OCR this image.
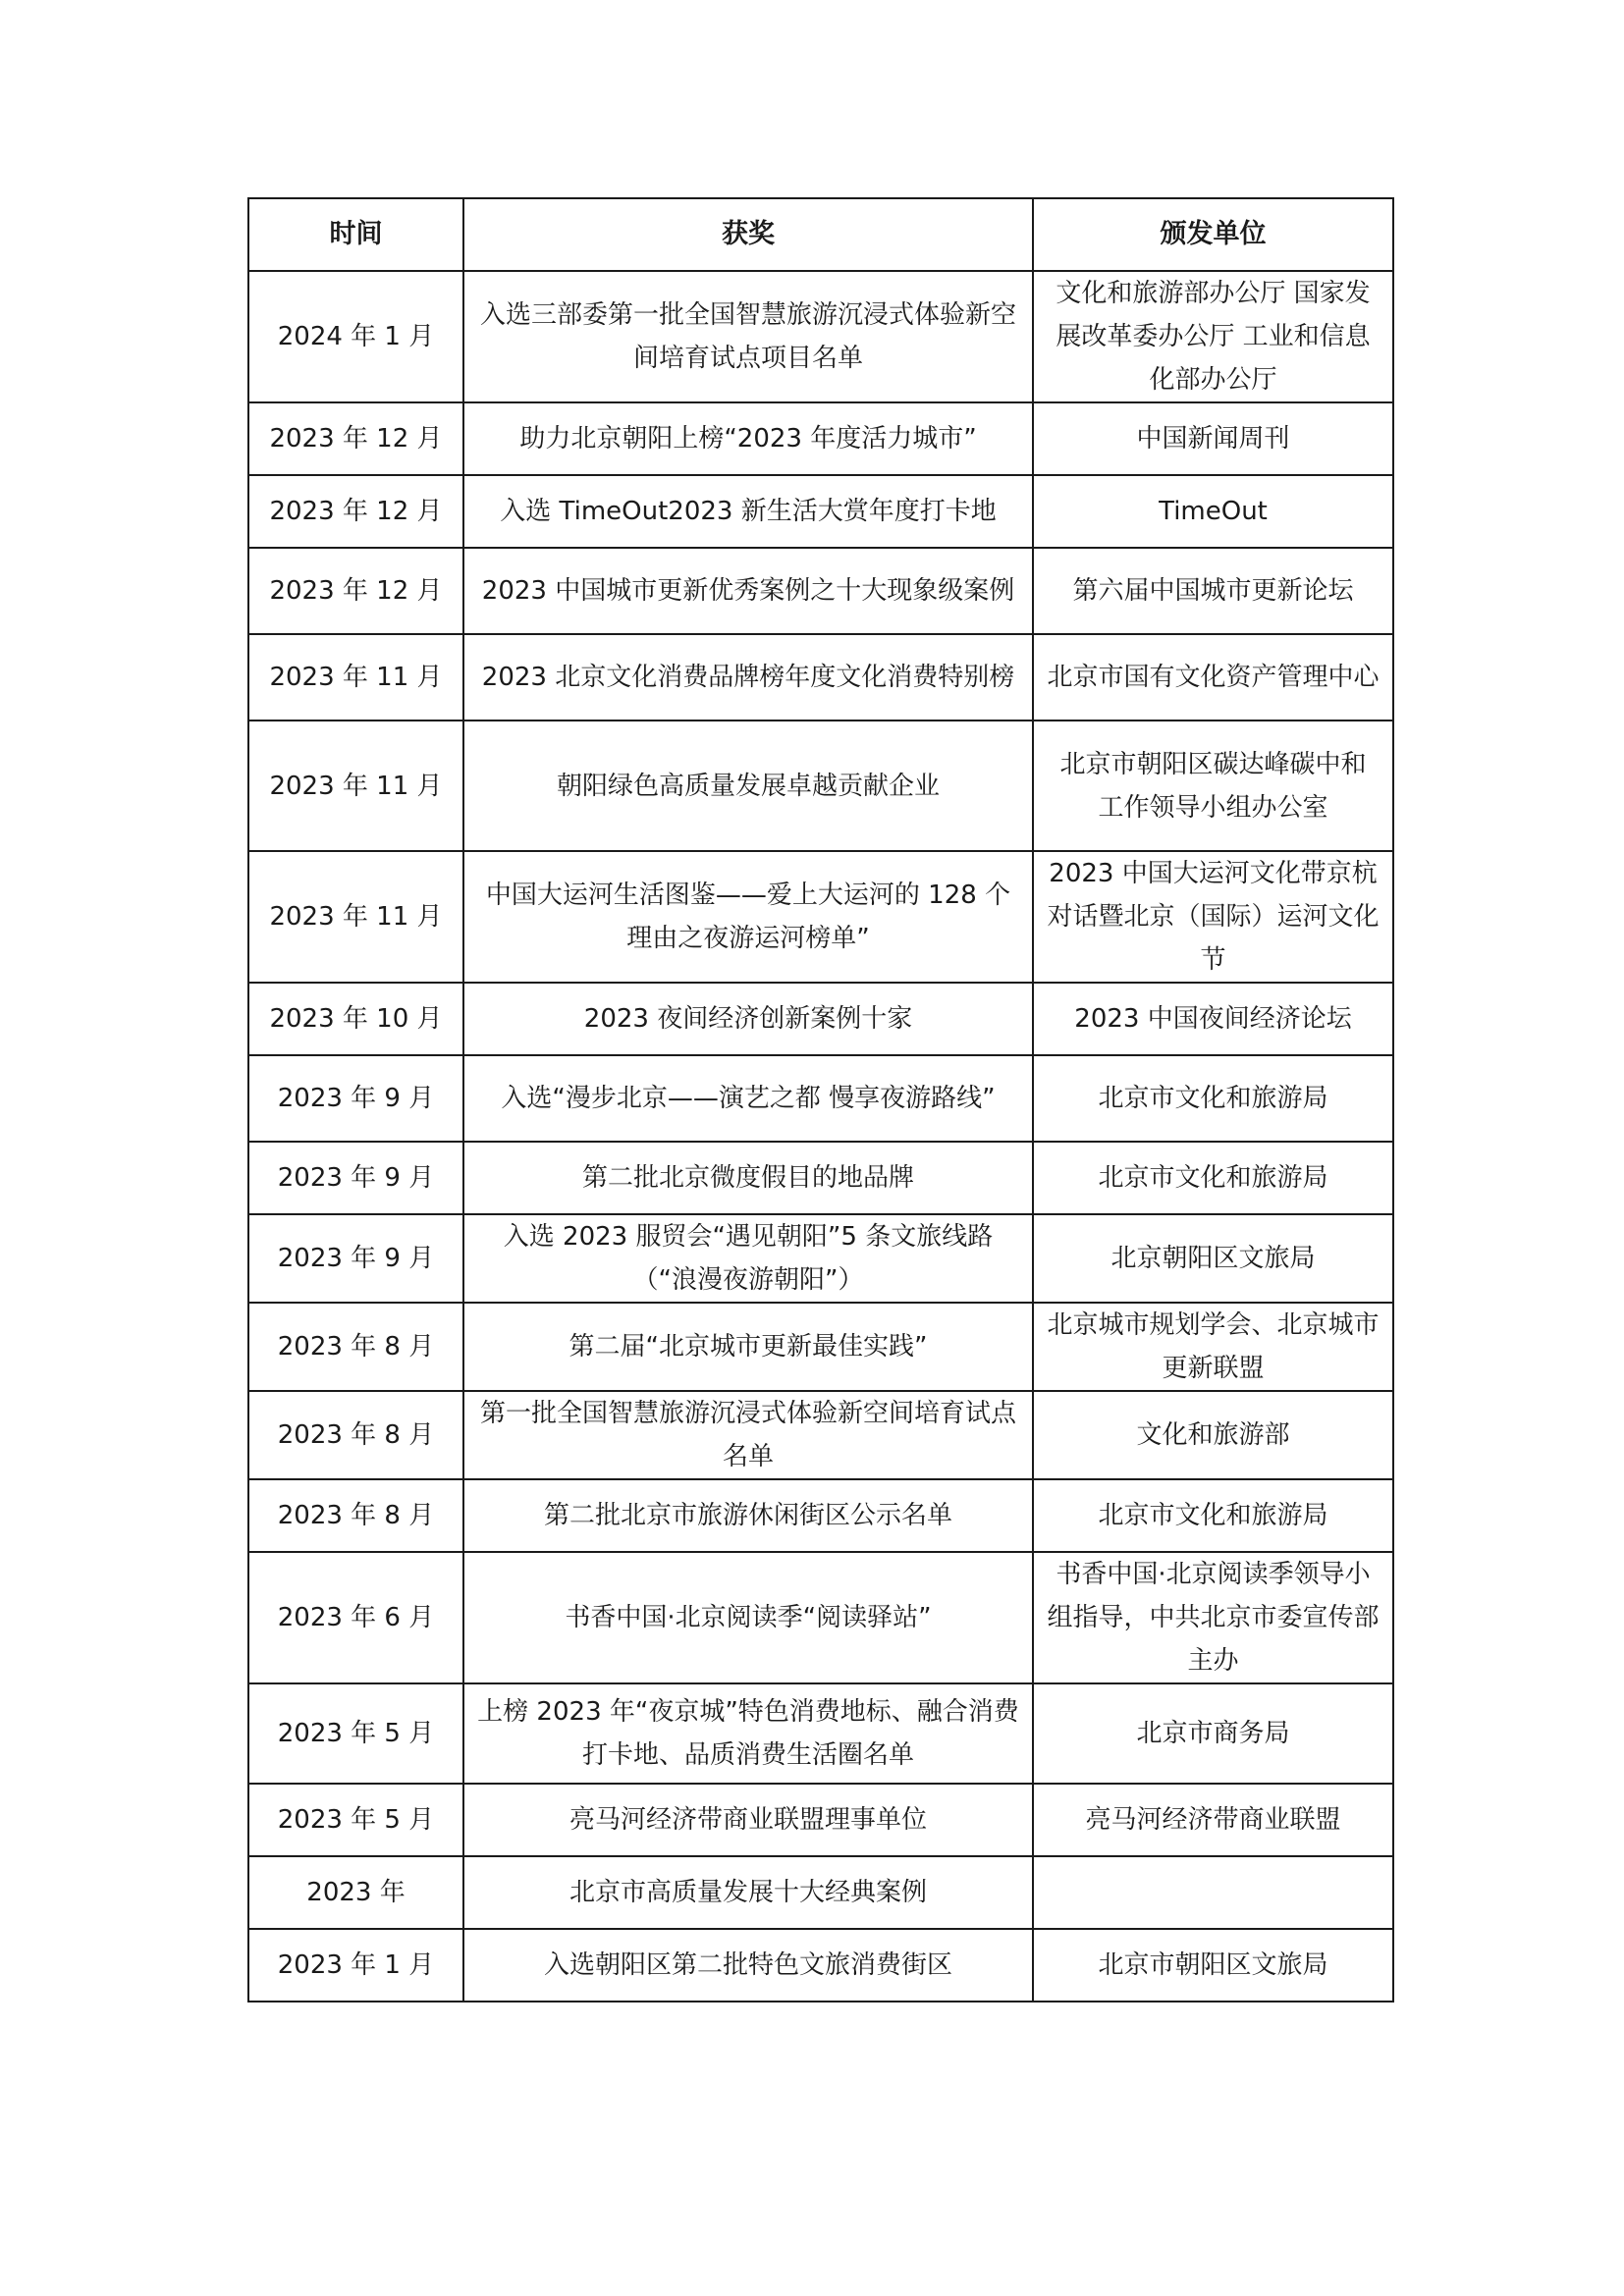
时间	获奖	颁发单位
2024 年 1 月	入选三部委第一批全国智慧旅游沉浸式体验新空间培育试点项目名单	文化和旅游部办公厅 国家发展改革委办公厅 工业和信息化部办公厅
2023 年 12 月	助力北京朝阳上榜“2023 年度活力城市”	中国新闻周刊
2023 年 12 月	入选 TimeOut2023 新生活大赏年度打卡地	TimeOut
2023 年 12 月	2023 中国城市更新优秀案例之十大现象级案例	第六届中国城市更新论坛
2023 年 11 月	2023 北京文化消费品牌榜年度文化消费特别榜	北京市国有文化资产管理中心
2023 年 11 月	朝阳绿色高质量发展卓越贡献企业	北京市朝阳区碳达峰碳中和
工作领导小组办公室
2023 年 11 月	中国大运河生活图鉴——爱上大运河的 128 个理由之夜游运河榜单”	2023 中国大运河文化带京杭对话暨北京（国际）运河文化节
2023 年 10 月	2023 夜间经济创新案例十家	2023 中国夜间经济论坛
2023 年 9 月	入选“漫步北京——演艺之都 慢享夜游路线”	北京市文化和旅游局
2023 年 9 月	第二批北京微度假目的地品牌	北京市文化和旅游局
2023 年 9 月	入选 2023 服贸会“遇见朝阳”5 条文旅线路（“浪漫夜游朝阳”）	北京朝阳区文旅局
2023 年 8 月	第二届“北京城市更新最佳实践”	北京城市规划学会、北京城市更新联盟
2023 年 8 月	第一批全国智慧旅游沉浸式体验新空间培育试点名单	文化和旅游部
2023 年 8 月	第二批北京市旅游休闲街区公示名单	北京市文化和旅游局
2023 年 6 月	书香中国·北京阅读季“阅读驿站”	书香中国·北京阅读季领导小组指导，中共北京市委宣传部主办
2023 年 5 月	上榜 2023 年“夜京城”特色消费地标、融合消费打卡地、品质消费生活圈名单	北京市商务局
2023 年 5 月	亮马河经济带商业联盟理事单位	亮马河经济带商业联盟
2023 年	北京市高质量发展十大经典案例	
2023 年 1 月	入选朝阳区第二批特色文旅消费街区	北京市朝阳区文旅局
